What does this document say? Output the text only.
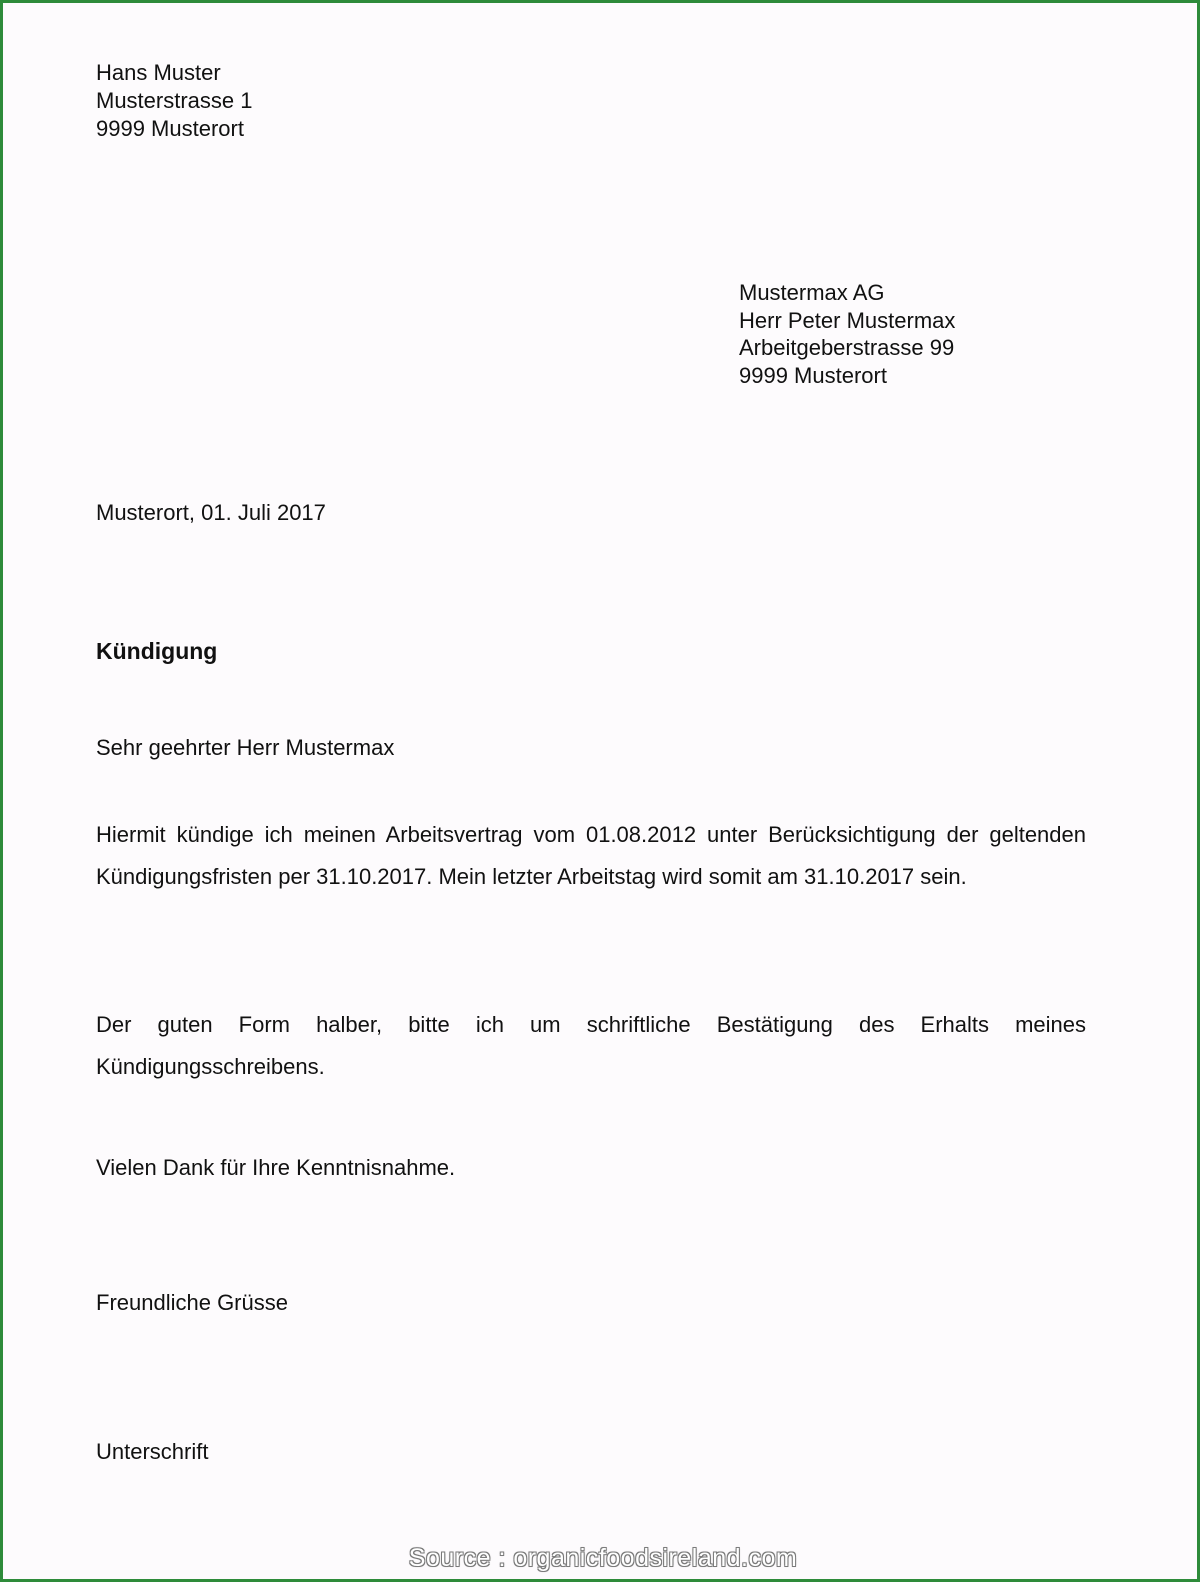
Hans Muster

Musterstrasse 1

9999 Musterort

Mustermax AG

Herr Peter Mustermax

Arbeitgeberstrasse 99

9999 Musterort

Musterort, 01. Juli 2017

Kündigung

Sehr geehrter Herr Mustermax

Hiermit kündige ich meinen Arbeitsvertrag vom 01.08.2012 unter Berücksichtigung der geltenden Kündigungsfristen per 31.10.2017. Mein letzter Arbeitstag wird somit am 31.10.2017 sein.

Der guten Form halber, bitte ich um schriftliche Bestätigung des Erhalts meines Kündigungsschreibens.

Vielen Dank für Ihre Kenntnisnahme.

Freundliche Grüsse

Unterschrift

Source : organicfoodsireland.com
